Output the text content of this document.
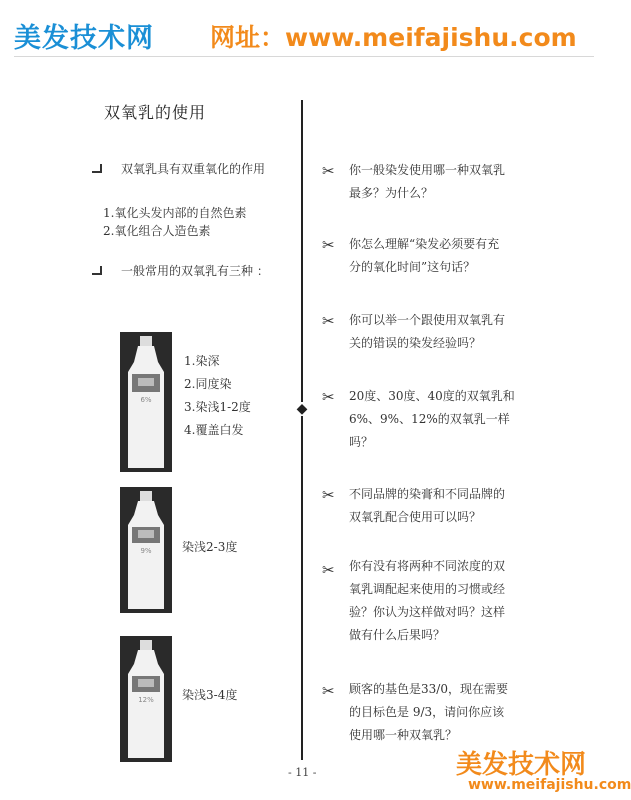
美发技术网 网址：www.meifajishu.com
双氧乳的使用
双氧乳具有双重氧化的作用
1.氧化头发内部的自然色素
2.氧化组合人造色素
一般常用的双氧乳有三种 ：
6%
1.染深
2.同度染
3.染浅1-2度
4.覆盖白发
9%	染浅2-3度
12% 染浅3-4度
◆
✂ 你一般染发使用哪一种双氧乳
最多？为什么？
✂ 你怎么理解“染发必须要有充
分的氧化时间”这句话？
✂ 你可以举一个跟使用双氧乳有
关的错误的染发经验吗？
✂ 20度、30度、40度的双氧乳和
6%、9%、12%的双氧乳一样
吗？
✂ 不同品牌的染膏和不同品牌的
双氧乳配合使用可以吗？
✂ 你有没有将两种不同浓度的双
氧乳调配起来使用的习惯或经
验？你认为这样做对吗？这样
做有什么后果吗？
✂ 顾客的基色是33/0，现在需要
的目标色是 9/3，请问你应该
使用哪一种双氧乳？
- 11 -	美发技术网
www.meifajishu.com
